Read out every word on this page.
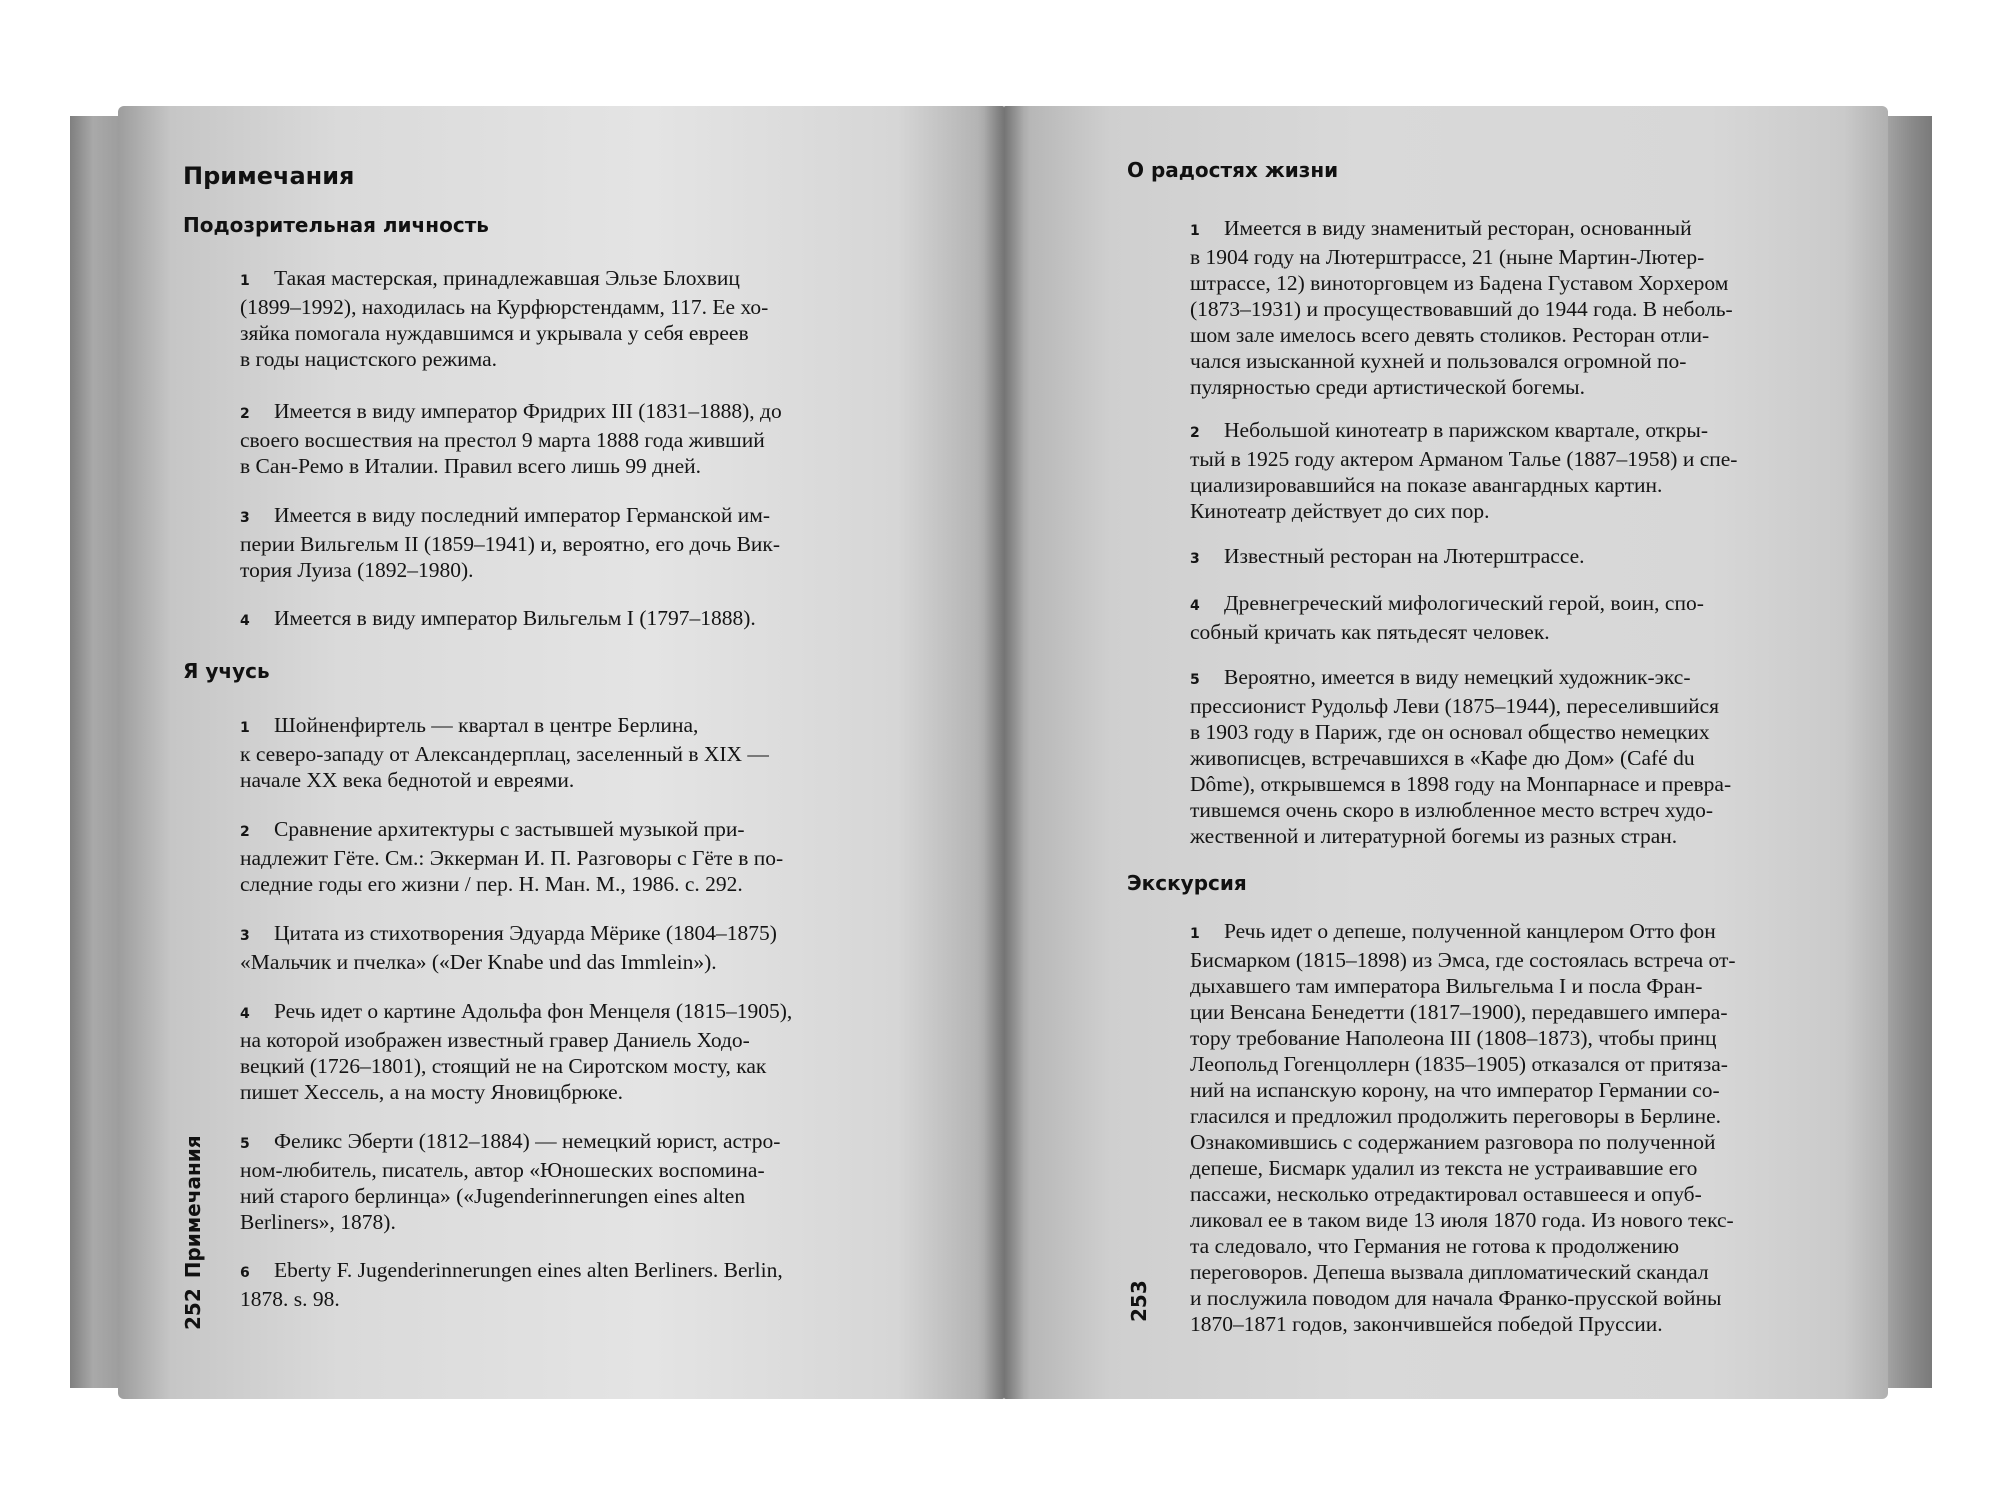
Примечания
Подозрительная личность
1 Такая мастерская, принадлежавшая Эльзе Блохвиц
(1899–1992), находилась на Курфюрстендамм, 117. Ее хо-
зяйка помогала нуждавшимся и укрывала у себя евреев
в годы нацистского режима.
2 Имеется в виду император Фридрих III (1831–1888), до
своего восшествия на престол 9 марта 1888 года живший
в Сан-Ремо в Италии. Правил всего лишь 99 дней.
3 Имеется в виду последний император Германской им-
перии Вильгельм II (1859–1941) и, вероятно, его дочь Вик-
тория Луиза (1892–1980).
4 Имеется в виду император Вильгельм I (1797–1888).
Я учусь
1 Шойненфиртель — квартал в центре Берлина,
к северо-западу от Александерплац, заселенный в XIX —
начале XX века беднотой и евреями.
2 Сравнение архитектуры с застывшей музыкой при-
надлежит Гёте. См.: Эккерман И. П. Разговоры с Гёте в по-
следние годы его жизни / пер. Н. Ман. М., 1986. с. 292.
3 Цитата из стихотворения Эдуарда Мёрике (1804–1875)
«Мальчик и пчелка» («Der Knabe und das Immlein»).
4 Речь идет о картине Адольфа фон Менцеля (1815–1905),
на которой изображен известный гравер Даниель Ходо-
вецкий (1726–1801), стоящий не на Сиротском мосту, как
пишет Хессель, а на мосту Яновицбрюке.
5 Феликс Эберти (1812–1884) — немецкий юрист, астро-
ном-любитель, писатель, автор «Юношеских воспомина-
ний старого берлинца» («Jugenderinnerungen eines alten
Berliners», 1878).
6 Eberty F. Jugenderinnerungen eines alten Berliners. Berlin,
1878. s. 98.
252Примечания
О радостях жизни
1 Имеется в виду знаменитый ресторан, основанный
в 1904 году на Лютерштрассе, 21 (ныне Мартин-Лютер-
штрассе, 12) виноторговцем из Бадена Густавом Хорхером
(1873–1931) и просуществовавший до 1944 года. В неболь-
шом зале имелось всего девять столиков. Ресторан отли-
чался изысканной кухней и пользовался огромной по-
пулярностью среди артистической богемы.
2 Небольшой кинотеатр в парижском квартале, откры-
тый в 1925 году актером Арманом Талье (1887–1958) и спе-
циализировавшийся на показе авангардных картин.
Кинотеатр действует до сих пор.
3 Известный ресторан на Лютерштрассе.
4 Древнегреческий мифологический герой, воин, спо-
собный кричать как пятьдесят человек.
5 Вероятно, имеется в виду немецкий художник-экс-
прессионист Рудольф Леви (1875–1944), переселившийся
в 1903 году в Париж, где он основал общество немецких
живописцев, встречавшихся в «Кафе дю Дом» (Café du
Dôme), открывшемся в 1898 году на Монпарнасе и превра-
тившемся очень скоро в излюбленное место встреч худо-
жественной и литературной богемы из разных стран.
Экскурсия
1 Речь идет о депеше, полученной канцлером Отто фон
Бисмарком (1815–1898) из Эмса, где состоялась встреча от-
дыхавшего там императора Вильгельма I и посла Фран-
ции Венсана Бенедетти (1817–1900), передавшего импера-
тору требование Наполеона III (1808–1873), чтобы принц
Леопольд Гогенцоллерн (1835–1905) отказался от притяза-
ний на испанскую корону, на что император Германии со-
гласился и предложил продолжить переговоры в Берлине.
Ознакомившись с содержанием разговора по полученной
депеше, Бисмарк удалил из текста не устраивавшие его
пассажи, несколько отредактировал оставшееся и опуб-
ликовал ее в таком виде 13 июля 1870 года. Из нового текс-
та следовало, что Германия не готова к продолжению
переговоров. Депеша вызвала дипломатический скандал
и послужила поводом для начала Франко-прусской войны
1870–1871 годов, закончившейся победой Пруссии.
253
